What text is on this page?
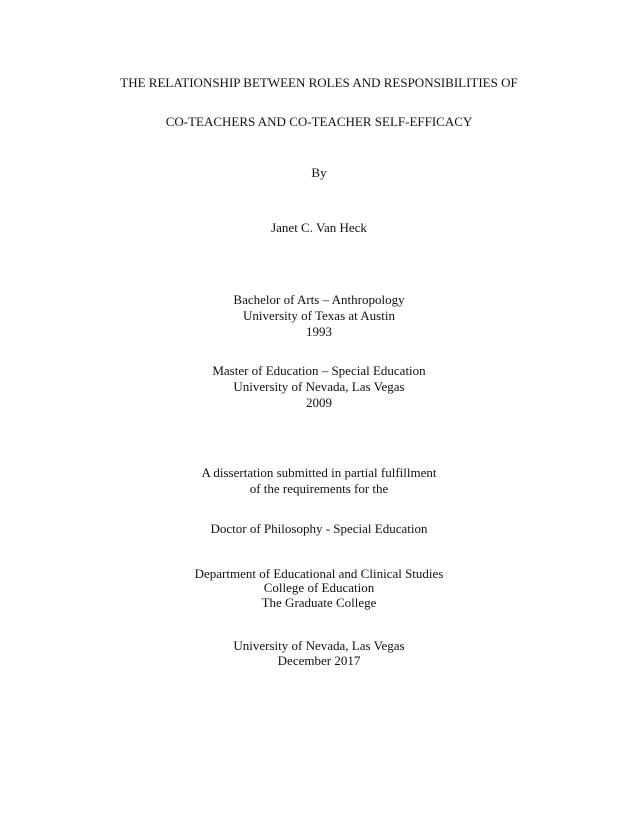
THE RELATIONSHIP BETWEEN ROLES AND RESPONSIBILITIES OF
CO-TEACHERS AND CO-TEACHER SELF-EFFICACY
By
Janet C. Van Heck
Bachelor of Arts – Anthropology
University of Texas at Austin
1993
Master of Education – Special Education
University of Nevada, Las Vegas
2009
A dissertation submitted in partial fulfillment
of the requirements for the
Doctor of Philosophy - Special Education
Department of Educational and Clinical Studies
College of Education
The Graduate College
University of Nevada, Las Vegas
December 2017
